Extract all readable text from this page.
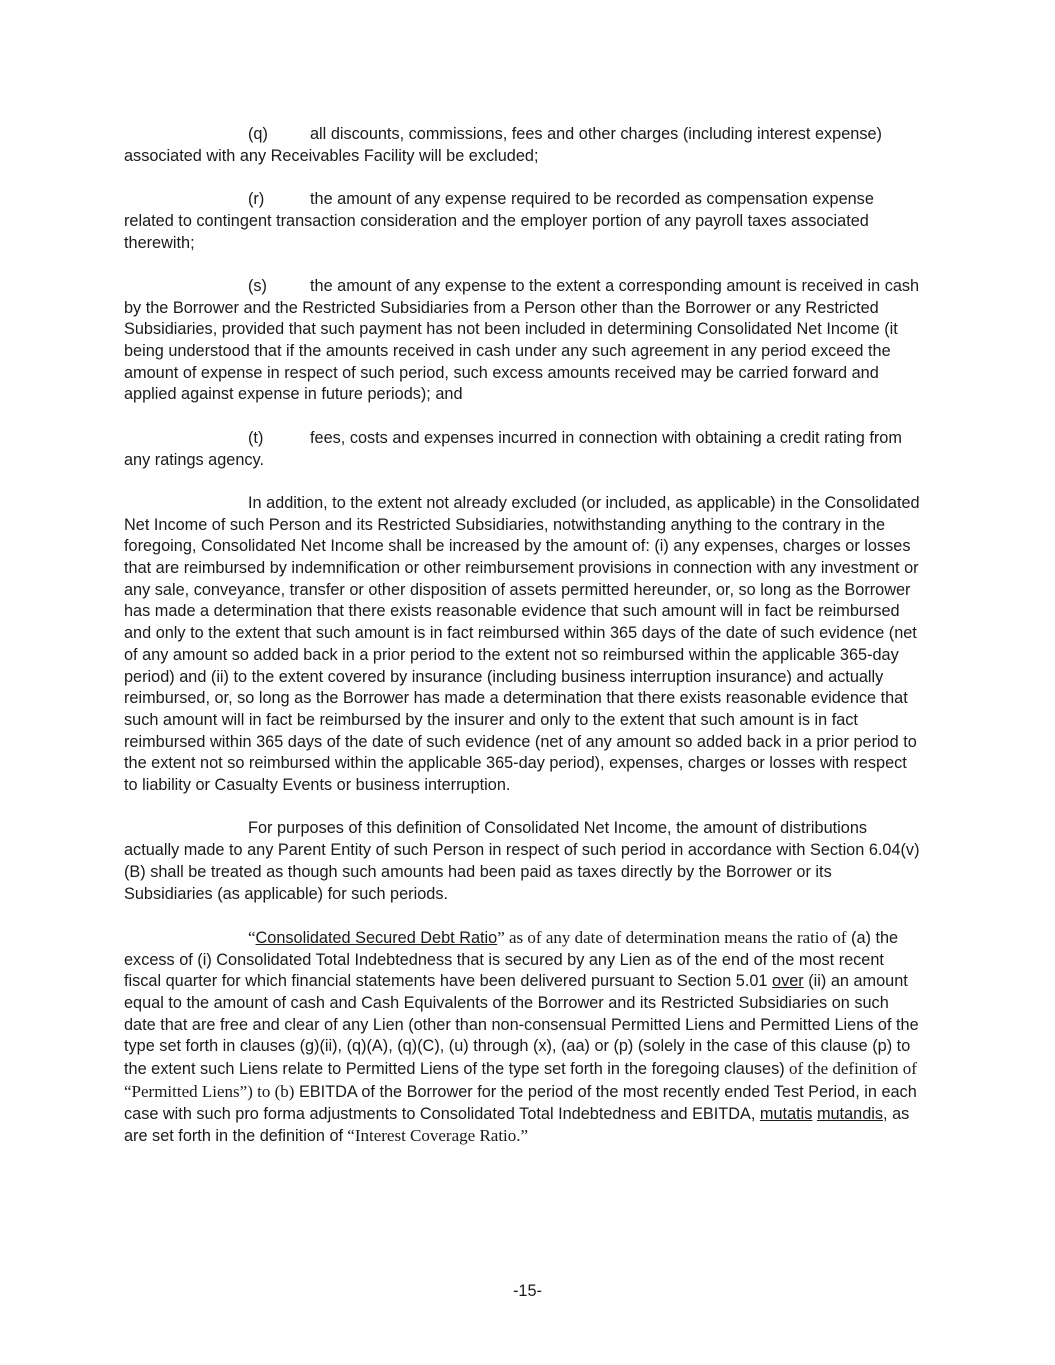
(q)	all discounts, commissions, fees and other charges (including interest expense) associated with any Receivables Facility will be excluded;

(r)	the amount of any expense required to be recorded as compensation expense related to contingent transaction consideration and the employer portion of any payroll taxes associated therewith;

(s)	the amount of any expense to the extent a corresponding amount is received in cash by the Borrower and the Restricted Subsidiaries from a Person other than the Borrower or any Restricted Subsidiaries, provided that such payment has not been included in determining Consolidated Net Income (it being understood that if the amounts received in cash under any such agreement in any period exceed the amount of expense in respect of such period, such excess amounts received may be carried forward and applied against expense in future periods); and

(t)	fees, costs and expenses incurred in connection with obtaining a credit rating from any ratings agency.

In addition, to the extent not already excluded (or included, as applicable) in the Consolidated Net Income of such Person and its Restricted Subsidiaries, notwithstanding anything to the contrary in the foregoing, Consolidated Net Income shall be increased by the amount of: (i) any expenses, charges or losses that are reimbursed by indemnification or other reimbursement provisions in connection with any investment or any sale, conveyance, transfer or other disposition of assets permitted hereunder, or, so long as the Borrower has made a determination that there exists reasonable evidence that such amount will in fact be reimbursed and only to the extent that such amount is in fact reimbursed within 365 days of the date of such evidence (net of any amount so added back in a prior period to the extent not so reimbursed within the applicable 365-day period) and (ii) to the extent covered by insurance (including business interruption insurance) and actually reimbursed, or, so long as the Borrower has made a determination that there exists reasonable evidence that such amount will in fact be reimbursed by the insurer and only to the extent that such amount is in fact reimbursed within 365 days of the date of such evidence (net of any amount so added back in a prior period to the extent not so reimbursed within the applicable 365-day period), expenses, charges or losses with respect to liability or Casualty Events or business interruption.

For purposes of this definition of Consolidated Net Income, the amount of distributions actually made to any Parent Entity of such Person in respect of such period in accordance with Section 6.04(v)(B) shall be treated as though such amounts had been paid as taxes directly by the Borrower or its Subsidiaries (as applicable) for such periods.

“Consolidated Secured Debt Ratio” as of any date of determination means the ratio of (a) the excess of (i) Consolidated Total Indebtedness that is secured by any Lien as of the end of the most recent fiscal quarter for which financial statements have been delivered pursuant to Section 5.01 over (ii) an amount equal to the amount of cash and Cash Equivalents of the Borrower and its Restricted Subsidiaries on such date that are free and clear of any Lien (other than non-consensual Permitted Liens and Permitted Liens of the type set forth in clauses (g)(ii), (q)(A), (q)(C), (u) through (x), (aa) or (p) (solely in the case of this clause (p) to the extent such Liens relate to Permitted Liens of the type set forth in the foregoing clauses) of the definition of “Permitted Liens”) to (b) EBITDA of the Borrower for the period of the most recently ended Test Period, in each case with such pro forma adjustments to Consolidated Total Indebtedness and EBITDA, mutatis mutandis, as are set forth in the definition of “Interest Coverage Ratio.”

-15-
